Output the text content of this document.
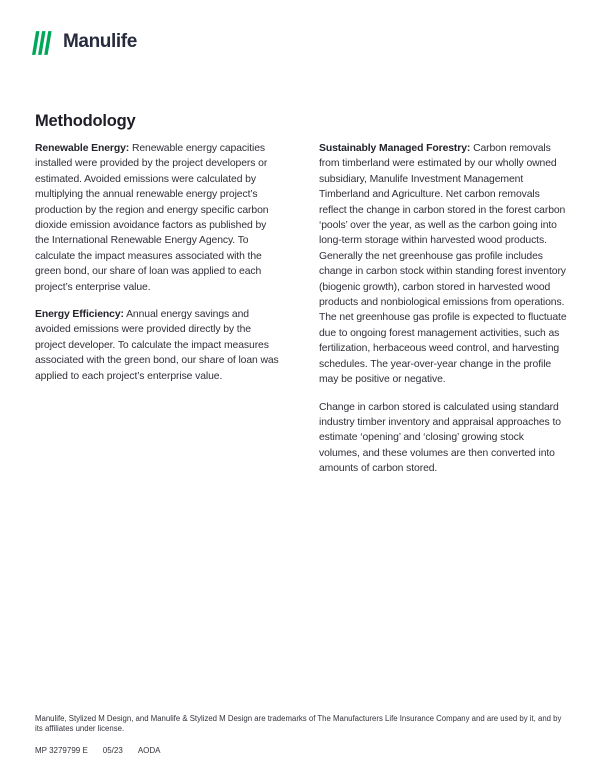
Manulife
Methodology

Renewable Energy: Renewable energy capacities installed were provided by the project developers or estimated. Avoided emissions were calculated by multiplying the annual renewable energy project’s production by the region and energy specific carbon dioxide emission avoidance factors as published by the International Renewable Energy Agency. To calculate the impact measures associated with the green bond, our share of loan was applied to each project’s enterprise value.

Energy Efficiency: Annual energy savings and avoided emissions were provided directly by the project developer. To calculate the impact measures associated with the green bond, our share of loan was applied to each project’s enterprise value.

Sustainably Managed Forestry: Carbon removals from timberland were estimated by our wholly owned subsidiary, Manulife Investment Management Timberland and Agriculture. Net carbon removals reflect the change in carbon stored in the forest carbon ‘pools’ over the year, as well as the carbon going into long-term storage within harvested wood products. Generally the net greenhouse gas profile includes change in carbon stock within standing forest inventory (biogenic growth), carbon stored in harvested wood products and nonbiological emissions from operations. The net greenhouse gas profile is expected to fluctuate due to ongoing forest management activities, such as fertilization, herbaceous weed control, and harvesting schedules. The year-over-year change in the profile may be positive or negative.

Change in carbon stored is calculated using standard industry timber inventory and appraisal approaches to estimate ‘opening’ and ‘closing’ growing stock volumes, and these volumes are then converted into amounts of carbon stored.

Manulife, Stylized M Design, and Manulife & Stylized M Design are trademarks of The Manufacturers Life Insurance Company and are used by it, and by its affiliates under license.
MP 3279799 E 05/23 AODA
